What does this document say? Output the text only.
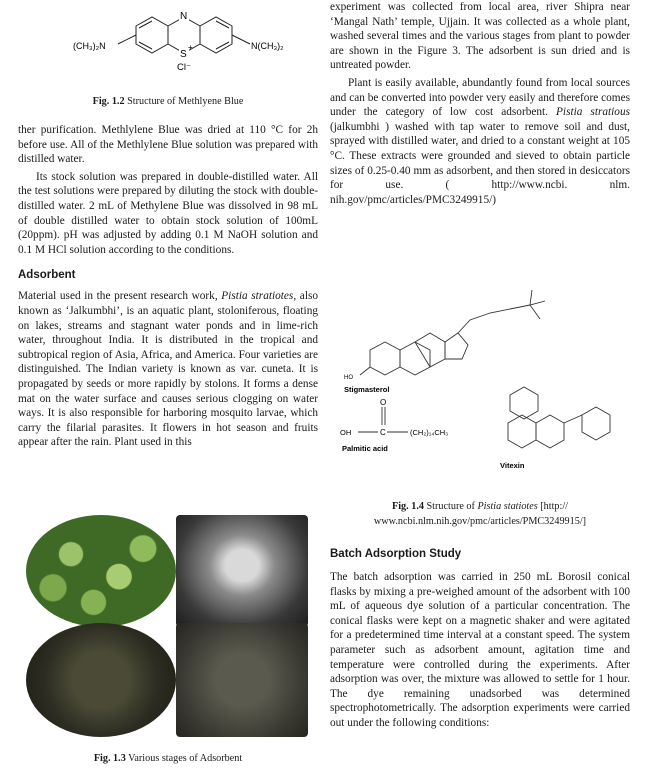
N
S
+
Cl⁻
(CH₃)₂N	N(CH₃)₂

Fig. 1.2 Structure of Methlyene Blue

ther purification. Methlylene Blue was dried at 110 °C for 2h before use. All of the Methlylene Blue solution was prepared with distilled water.

Its stock solution was prepared in double-distilled water. All the test solutions were prepared by diluting the stock with double- distilled water. 2 mL of Methylene Blue was dissolved in 98 mL of double distilled water to obtain stock solution of 100mL (20ppm). pH was adjusted by adding 0.1 M NaOH solution and 0.1 M HCl solution according to the conditions.

Adsorbent

Material used in the present research work, Pistia stratiotes, also known as ‘Jalkumbhi’, is an aquatic plant, stoloniferous, floating on lakes, streams and stagnant water ponds and in lime-rich water, throughout India. It is distributed in the tropical and subtropical region of Asia, Africa, and America. Four varieties are distinguished. The Indian variety is known as var. cuneta. It is propagated by seeds or more rapidly by stolons. It forms a dense mat on the water surface and causes serious clogging on water ways. It is also responsible for harboring mosquito larvae, which carry the filarial parasites. It flowers in hot season and fruits appear after the rain. Plant used in this

Fig. 1.3 Various stages of Adsorbent

experiment was collected from local area, river Shipra near ‘Mangal Nath’ temple, Ujjain. It was collected as a whole plant, washed several times and the various stages from plant to powder are shown in the Figure 3. The adsorbent is sun dried and is untreated powder.

Plant is easily available, abundantly found from local sources and can be converted into powder very easily and therefore comes under the category of low cost adsorbent. Pistia stratious (jalkumbhi ) washed with tap water to remove soil and dust, sprayed with distilled water, and dried to a constant weight at 105 °C. These extracts were grounded and sieved to obtain particle sizes of 0.25-0.40 mm as adsorbent, and then stored in desiccators for use. ( http://www.ncbi. nlm. nih.gov/pmc/articles/PMC3249915/)

HO
Stigmasterol
O
OH	C	(CH₂)₁₄CH₃
Palmitic acid
Vitexin

Fig. 1.4 Structure of Pistia statiotes [http:// www.ncbi.nlm.nih.gov/pmc/articles/PMC3249915/]

Batch Adsorption Study

The batch adsorption was carried in 250 mL Borosil conical flasks by mixing a pre-weighed amount of the adsorbent with 100 mL of aqueous dye solution of a particular concentration. The conical flasks were kept on a magnetic shaker and were agitated for a predetermined time interval at a constant speed. The system parameter such as adsorbent amount, agitation time and temperature were controlled during the experiments. After adsorption was over, the mixture was allowed to settle for 1 hour. The dye remaining unadsorbed was determined spectrophotometrically. The adsorption experiments were carried out under the following conditions:
